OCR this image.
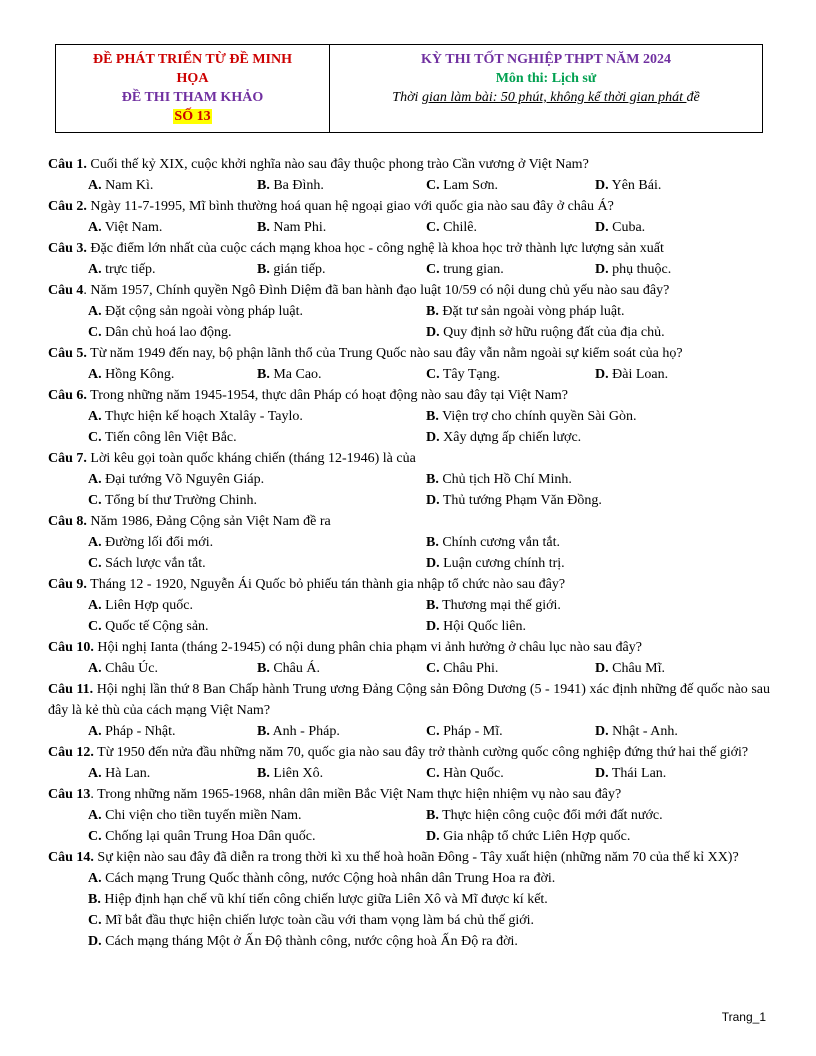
ĐỀ PHÁT TRIỂN TỪ ĐỀ MINH
HỌA
ĐỀ THI THAM KHẢO
SỐ 13
KỲ THI TỐT NGHIỆP THPT NĂM 2024
Môn thi: Lịch sử
Thời gian làm bài: 50 phút, không kể thời gian phát đề
Câu 1. Cuối thế kỷ XIX, cuộc khởi nghĩa nào sau đây thuộc phong trào Cần vương ở Việt Nam?
A. Nam Kì.	B. Ba Đình.	C. Lam Sơn.	D. Yên Bái.
Câu 2. Ngày 11-7-1995, Mĩ bình thường hoá quan hệ ngoại giao với quốc gia nào sau đây ở châu Á?
A. Việt Nam.	B. Nam Phi.	C. Chilê.	D. Cuba.
Câu 3. Đặc điểm lớn nhất của cuộc cách mạng khoa học - công nghệ là khoa học trở thành lực lượng sản xuất
A. trực tiếp.	B. gián tiếp.	C. trung gian.	D. phụ thuộc.
Câu 4. Năm 1957, Chính quyền Ngô Đình Diệm đã ban hành đạo luật 10/59 có nội dung chủ yếu nào sau đây?
A. Đặt cộng sản ngoài vòng pháp luật.	B. Đặt tư sản ngoài vòng pháp luật.
C. Dân chủ hoá lao động.	D. Quy định sở hữu ruộng đất của địa chủ.
Câu 5. Từ năm 1949 đến nay, bộ phận lãnh thổ của Trung Quốc nào sau đây vẫn nằm ngoài sự kiểm soát của họ?
A. Hồng Kông.	B. Ma Cao.	C. Tây Tạng.	D. Đài Loan.
Câu 6. Trong những năm 1945-1954, thực dân Pháp có hoạt động nào sau đây tại Việt Nam?
A. Thực hiện kế hoạch Xtalây - Taylo.	B. Viện trợ cho chính quyền Sài Gòn.
C. Tiến công lên Việt Bắc.	D. Xây dựng ấp chiến lược.
Câu 7. Lời kêu gọi toàn quốc kháng chiến (tháng 12-1946) là của
A. Đại tướng Võ Nguyên Giáp.	B. Chủ tịch Hồ Chí Minh.
C. Tổng bí thư Trường Chinh.	D. Thủ tướng Phạm Văn Đồng.
Câu 8. Năm 1986, Đảng Cộng sản Việt Nam đề ra
A. Đường lối đổi mới.	B. Chính cương vắn tắt.
C. Sách lược vắn tắt.	D. Luận cương chính trị.
Câu 9. Tháng 12 - 1920, Nguyễn Ái Quốc bỏ phiếu tán thành gia nhập tổ chức nào sau đây?
A. Liên Hợp quốc.	B. Thương mại thế giới.
C. Quốc tế Cộng sản.	D. Hội Quốc liên.
Câu 10. Hội nghị Ianta (tháng 2-1945) có nội dung phân chia phạm vi ảnh hưởng ở châu lục nào sau đây?
A. Châu Úc.	B. Châu Á.	C. Châu Phi.	D. Châu Mĩ.
Câu 11. Hội nghị lần thứ 8 Ban Chấp hành Trung ương Đảng Cộng sản Đông Dương (5 - 1941) xác định những đế quốc nào sau đây là kẻ thù của cách mạng Việt Nam?
A. Pháp - Nhật.	B. Anh - Pháp.	C. Pháp - Mĩ.	D. Nhật - Anh.
Câu 12. Từ 1950 đến nửa đầu những năm 70, quốc gia nào sau đây trở thành cường quốc công nghiệp đứng thứ hai thế giới?
A. Hà Lan.	B. Liên Xô.	C. Hàn Quốc.	D. Thái Lan.
Câu 13. Trong những năm 1965-1968, nhân dân miền Bắc Việt Nam thực hiện nhiệm vụ nào sau đây?
A. Chi viện cho tiền tuyến miền Nam.	B. Thực hiện công cuộc đổi mới đất nước.
C. Chống lại quân Trung Hoa Dân quốc.	D. Gia nhập tổ chức Liên Hợp quốc.
Câu 14. Sự kiện nào sau đây đã diễn ra trong thời kì xu thế hoà hoãn Đông - Tây xuất hiện (những năm 70 của thế kỉ XX)?
A. Cách mạng Trung Quốc thành công, nước Cộng hoà nhân dân Trung Hoa ra đời.
B. Hiệp định hạn chế vũ khí tiến công chiến lược giữa Liên Xô và Mĩ được kí kết.
C. Mĩ bắt đầu thực hiện chiến lược toàn cầu với tham vọng làm bá chủ thế giới.
D. Cách mạng tháng Một ở Ấn Độ thành công, nước cộng hoà Ấn Độ ra đời.
Trang_1
